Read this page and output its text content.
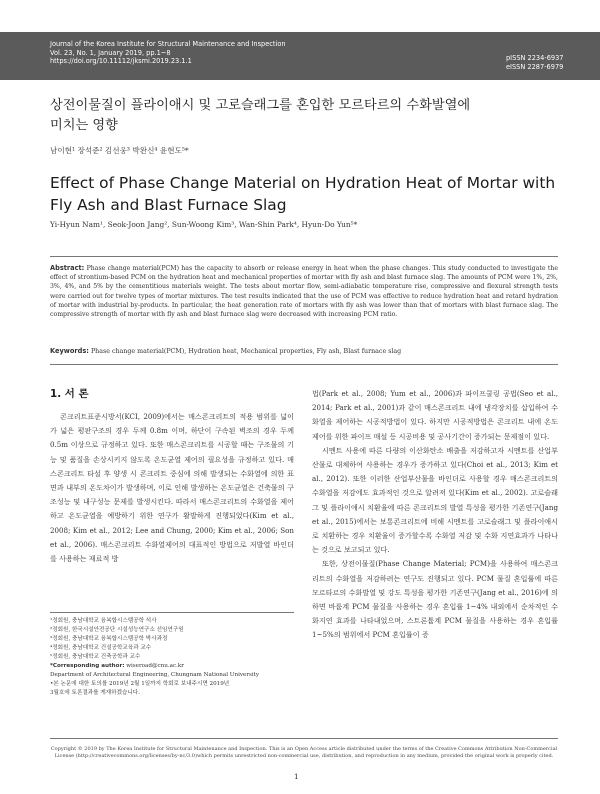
Journal of the Korea Institute for Structural Maintenance and Inspection
Vol. 23, No. 1, January 2019, pp.1~8
https://doi.org/10.11112/jksmi.2019.23.1.1	pISSN 2234-6937
eISSN 2287-6979
상전이물질이 플라이애시 및 고로슬래그를 혼입한 모르타르의 수화발열에
미치는 영향
남이현¹ 장석준² 김선웅³ 박완신⁴ 윤현도⁵*
Effect of Phase Change Material on Hydration Heat of Mortar with
Fly Ash and Blast Furnace Slag
Yi-Hyun Nam¹, Seok-Joon Jang², Sun-Woong Kim³, Wan-Shin Park⁴, Hyun-Do Yun⁵*
Abstract: Phase change material(PCM) has the capacity to absorb or release energy in heat when the phase changes. This study conducted to investigate the effect of strontium-based PCM on the hydration heat and mechanical properties of mortar with fly ash and blast furnace slag. The amounts of PCM were 1%, 2%, 3%, 4%, and 5% by the cementitious materials weight. The tests about mortar flow, semi-adiabatic temperature rise, compressive and flexural strength tests were carried out for twelve types of mortar mixtures. The test results indicated that the use of PCM was effective to reduce hydration heat and retard hydration of mortar with industrial by-products. In particular, the heat generation rate of mortars with fly ash was lower than that of mortars with blast furnace slag. The compressive strength of mortar with fly ash and blast furnace slag were decreased with increasing PCM ratio.
Keywords: Phase change material(PCM), Hydration heat, Mechanical properties, Fly ash, Blast furnace slag
1. 서 론

콘크리트표준시방서(KCI, 2009)에서는 매스콘크리트의 적용 범위를 넓이가 넓은 평판구조의 경우 두께 0.8m 이며, 하단이 구속된 벽조의 경우 두께 0.5m 이상으로 규정하고 있다. 또한 매스콘크리트를 시공할 때는 구조물의 기능 및 품질을 손상시키지 않도록 온도균열 제어의 필요성을 규정하고 있다. 매스콘크리트 타설 후 양생 시 콘크리트 중심에 의해 발생되는 수화열에 의한 표면과 내부의 온도차이가 발생하며, 이로 인해 발생하는 온도균열은 건축물의 구조성능 및 내구성능 문제를 발생시킨다. 따라서 매스콘크리트의 수화열을 제어하고 온도균열을 예방하기 위한 연구가 활발하게 진행되었다(Kim et al., 2008; Kim et al., 2012; Lee and Chung, 2000; Kim et al., 2006; Son et al., 2006). 매스콘크리트 수화열제어의 대표적인 방법으로 저발열 바인더를 사용하는 재료적 방

법(Park et al., 2008; Yum et al., 2006)과 파이프쿨링 공법(Seo et al., 2014; Park et al., 2001)과 같이 매스콘크리트 내에 냉각장치를 삽입하여 수화열을 제어하는 시공적방법이 있다. 하지만 시공적방법은 콘크리트 내에 온도제어를 위한 파이프 매설 등 시공비용 및 공사기간이 증가되는 문제점이 있다.

시멘트 사용에 따른 다량의 이산화탄소 배출을 저감하고자 시멘트를 산업부산물로 대체하여 사용하는 경우가 증가하고 있다(Choi et al., 2013; Kim et al., 2012). 또한 이러한 산업부산물을 바인더로 사용할 경우 매스콘크리트의 수화열을 저감에도 효과적인 것으로 알려져 있다(Kim et al., 2002). 고로슬래그 및 플라이애시 치환율에 따른 콘크리트의 발열 특성을 평가한 기존연구(Jang et al., 2015)에서는 보통콘크리트에 비해 시멘트를 고로슬래그 및 플라이애시로 치환하는 경우 치환율이 증가할수록 수화열 저감 및 수화 지연효과가 나타나는 것으로 보고되고 있다.

또한, 상전이물질(Phase Change Material; PCM)을 사용하여 매스콘크리트의 수화열을 저감하려는 연구도 진행되고 있다. PCM 물질 혼입률에 따른 모르타르의 수화발열 및 강도 특성을 평가한 기존연구(Jang et al., 2016)에 의하면 바륨계 PCM 물질을 사용하는 경우 혼입률 1~4% 내외에서 순차적인 수화지연 효과를 나타내었으며, 스트론튬계 PCM 물질을 사용하는 경우 혼입률 1~5%의 범위에서 PCM 혼입률이 증

¹정회원, 충남대학교 융복합시스템공학 석사
²정회원, 한국시설안전공단 시설성능연구소 선임연구원
³정회원, 충남대학교 융복합시스템공학 박사과정
⁴정회원, 충남대학교 건설공학교육과 교수
⁵정회원, 충남대학교 건축공학과 교수
*Corresponding author: wiseroad@cnu.ac.kr
Department of Architectural Engineering, Chungnam National University
•본 논문에 대한 토의를 2019년 2월 1일까지 학회로 보내주시면 2019년
3월호에 토론결과를 게재하겠습니다.
Copyright © 2019 by The Korea Institute for Structural Maintenance and Inspection. This is an Open Access article distributed under the terms of the Creative Commons Attribution Non-Commercial License (http://creativecommons.org/licenses/by-nc/3.0)which permits unrestricted non-commercial use, distribution, and reproduction in any medium, provided the original work is properly cited.
1
